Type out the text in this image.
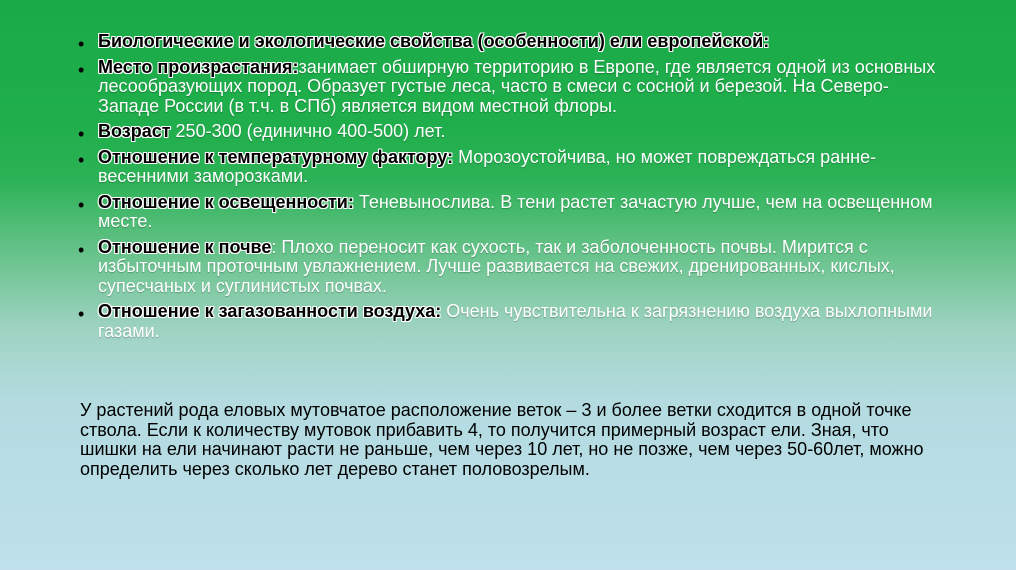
• Биологические и экологические свойства (особенности) ели европейской:
• Место произрастания:занимает обширную территорию в Европе, где является одной из основных лесообразующих пород. Образует густые леса, часто в смеси с сосной и березой. На Северо-Западе России (в т.ч. в СПб) является видом местной флоры.
• Возраст 250-300 (единично 400-500) лет.
• Отношение к температурному фактору: Морозоустойчива, но может повреждаться ранне-весенними заморозками.
• Отношение к освещенности: Теневынослива. В тени растет зачастую лучше, чем на освещенном месте.
• Отношение к почве: Плохо переносит как сухость, так и заболоченность почвы. Мирится с избыточным проточным увлажнением. Лучше развивается на свежих, дренированных, кислых, супесчаных и суглинистых почвах.
• Отношение к загазованности воздуха: Очень чувствительна к загрязнению воздуха выхлопными газами.

У растений рода еловых мутовчатое расположение веток – 3 и более ветки сходится в одной точке ствола. Если к количеству мутовок прибавить 4, то получится примерный возраст ели. Зная, что шишки на ели начинают расти не раньше, чем через 10 лет, но не позже, чем через 50-60лет, можно определить через сколько лет дерево станет половозрелым.
